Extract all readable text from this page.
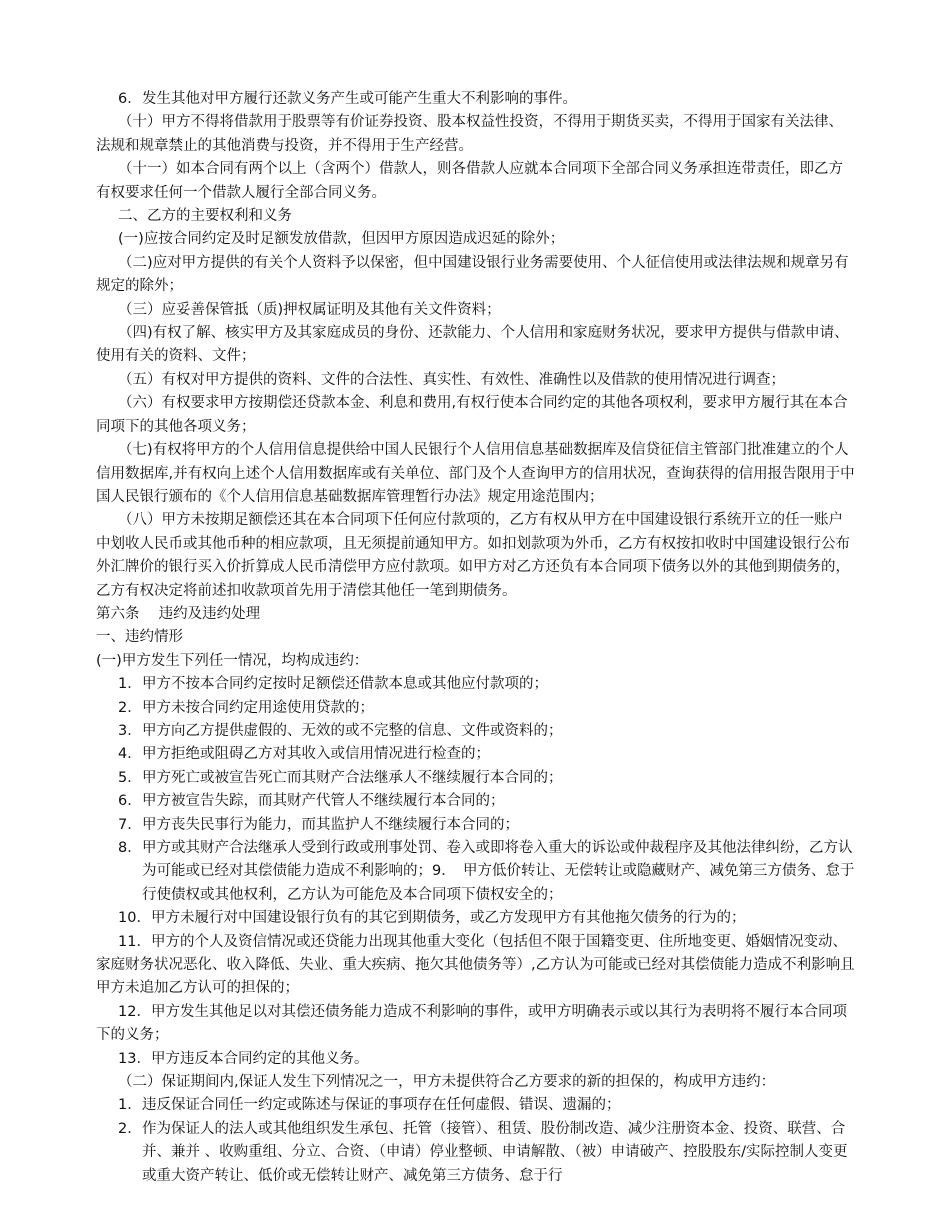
6． 发生其他对甲方履行还款义务产生或可能产生重大不利影响的事件。

（十）甲方不得将借款用于股票等有价证券投资、股本权益性投资，不得用于期货买卖，不得用于国家有关法律、法规和规章禁止的其他消费与投资，并不得用于生产经营。

（十一）如本合同有两个以上（含两个）借款人，则各借款人应就本合同项下全部合同义务承担连带责任，即乙方有权要求任何一个借款人履行全部合同义务。

二、乙方的主要权利和义务

(一)应按合同约定及时足额发放借款，但因甲方原因造成迟延的除外；

（二)应对甲方提供的有关个人资料予以保密，但中国建设银行业务需要使用、个人征信使用或法律法规和规章另有规定的除外；

（三）应妥善保管抵（质)押权属证明及其他有关文件资料；

（四)有权了解、核实甲方及其家庭成员的身份、还款能力、个人信用和家庭财务状况，要求甲方提供与借款申请、使用有关的资料、文件；

（五）有权对甲方提供的资料、文件的合法性、真实性、有效性、准确性以及借款的使用情况进行调查；

（六）有权要求甲方按期偿还贷款本金、利息和费用,有权行使本合同约定的其他各项权利，要求甲方履行其在本合同项下的其他各项义务；

（七)有权将甲方的个人信用信息提供给中国人民银行个人信用信息基础数据库及信贷征信主管部门批准建立的个人信用数据库,并有权向上述个人信用数据库或有关单位、部门及个人查询甲方的信用状况，查询获得的信用报告限用于中国人民银行颁布的《个人信用信息基础数据库管理暂行办法》规定用途范围内；

（八）甲方未按期足额偿还其在本合同项下任何应付款项的，乙方有权从甲方在中国建设银行系统开立的任一账户中划收人民币或其他币种的相应款项，且无须提前通知甲方。如扣划款项为外币，乙方有权按扣收时中国建设银行公布外汇牌价的银行买入价折算成人民币清偿甲方应付款项。如甲方对乙方还负有本合同项下债务以外的其他到期债务的，乙方有权决定将前述扣收款项首先用于清偿其他任一笔到期债务。

第六条　 违约及违约处理

一、违约情形

(一)甲方发生下列任一情况，均构成违约：

1． 甲方不按本合同约定按时足额偿还借款本息或其他应付款项的；

2． 甲方未按合同约定用途使用贷款的；

3． 甲方向乙方提供虚假的、无效的或不完整的信息、文件或资料的；

4． 甲方拒绝或阻碍乙方对其收入或信用情况进行检查的；

5． 甲方死亡或被宣告死亡而其财产合法继承人不继续履行本合同的；

6． 甲方被宣告失踪，而其财产代管人不继续履行本合同的；

7． 甲方丧失民事行为能力，而其监护人不继续履行本合同的；

8． 甲方或其财产合法继承人受到行政或刑事处罚、卷入或即将卷入重大的诉讼或仲裁程序及其他法律纠纷，乙方认为可能或已经对其偿债能力造成不利影响的；9．　甲方低价转让、无偿转让或隐藏财产、减免第三方债务、怠于行使债权或其他权利，乙方认为可能危及本合同项下债权安全的；

10．甲方未履行对中国建设银行负有的其它到期债务，或乙方发现甲方有其他拖欠债务的行为的；

11．甲方的个人及资信情况或还贷能力出现其他重大变化（包括但不限于国籍变更、住所地变更、婚姻情况变动、家庭财务状况恶化、收入降低、失业、重大疾病、拖欠其他债务等）,乙方认为可能或已经对其偿债能力造成不利影响且甲方未追加乙方认可的担保的；

12．甲方发生其他足以对其偿还债务能力造成不利影响的事件，或甲方明确表示或以其行为表明将不履行本合同项下的义务；

13．甲方违反本合同约定的其他义务。

（二）保证期间内,保证人发生下列情况之一，甲方未提供符合乙方要求的新的担保的，构成甲方违约：

1． 违反保证合同任一约定或陈述与保证的事项存在任何虚假、错误、遗漏的；

2． 作为保证人的法人或其他组织发生承包、托管（接管）、租赁、股份制改造、减少注册资本金、投资、联营、合并、兼并 、收购重组、分立、合资、（申请）停业整顿、申请解散、（被）申请破产、控股股东/实际控制人变更或重大资产转让、低价或无偿转让财产、减免第三方债务、怠于行
